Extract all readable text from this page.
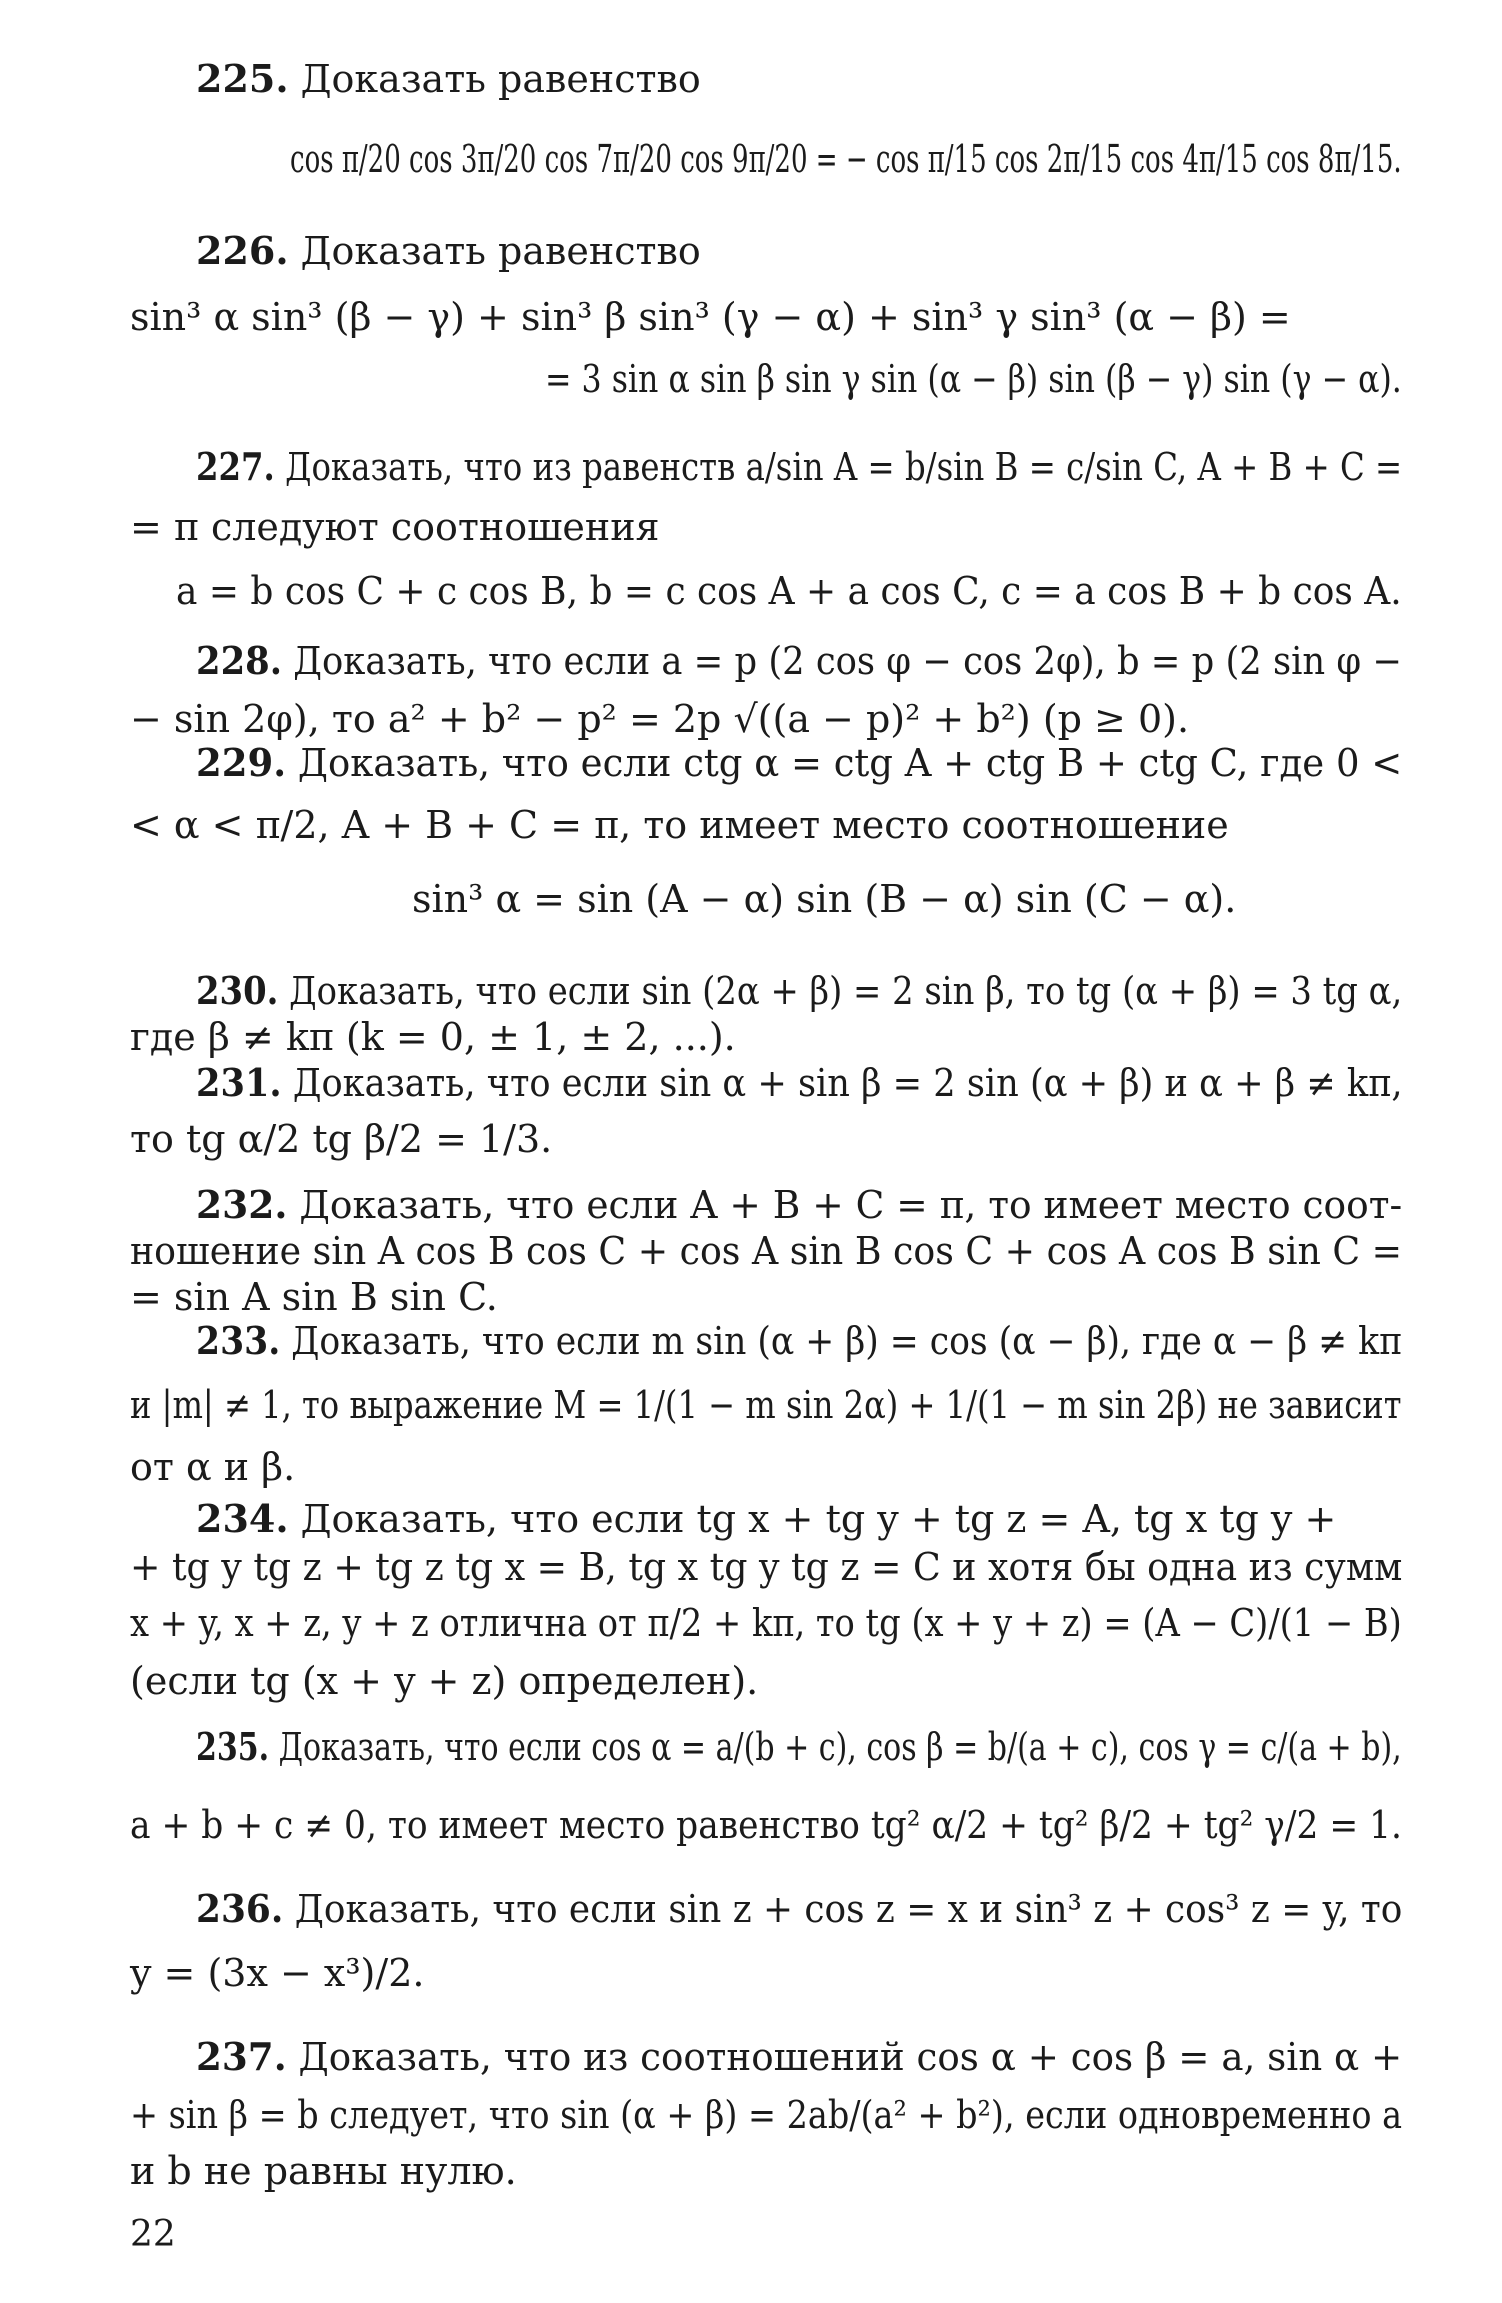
225. Доказать равенство
cos π/20 cos 3π/20 cos 7π/20 cos 9π/20 = − cos π/15 cos 2π/15 cos 4π/15 cos 8π/15.
226. Доказать равенство
sin³ α sin³ (β − γ) + sin³ β sin³ (γ − α) + sin³ γ sin³ (α − β) =
= 3 sin α sin β sin γ sin (α − β) sin (β − γ) sin (γ − α).
227. Доказать, что из равенств a/sin A = b/sin B = c/sin C, A + B + C =
= π следуют соотношения
a = b cos C + c cos B, b = c cos A + a cos C, c = a cos B + b cos A.
228. Доказать, что если a = p (2 cos φ − cos 2φ), b = p (2 sin φ −
− sin 2φ), то a² + b² − p² = 2p √((a − p)² + b²) (p ≥ 0).
229. Доказать, что если ctg α = ctg A + ctg B + ctg C, где 0 <
< α < π/2, A + B + C = π, то имеет место соотношение
sin³ α = sin (A − α) sin (B − α) sin (C − α).
230. Доказать, что если sin (2α + β) = 2 sin β, то tg (α + β) = 3 tg α,
где β ≠ kπ (k = 0, ± 1, ± 2, ...).
231. Доказать, что если sin α + sin β = 2 sin (α + β) и α + β ≠ kπ,
то tg α/2 tg β/2 = 1/3.
232. Доказать, что если A + B + C = π, то имеет место соот-
ношение sin A cos B cos C + cos A sin B cos C + cos A cos B sin C =
= sin A sin B sin C.
233. Доказать, что если m sin (α + β) = cos (α − β), где α − β ≠ kπ
и |m| ≠ 1, то выражение M = 1/(1 − m sin 2α) + 1/(1 − m sin 2β) не зависит
от α и β.
234. Доказать, что если tg x + tg y + tg z = A, tg x tg y +
+ tg y tg z + tg z tg x = B, tg x tg y tg z = C и хотя бы одна из сумм
x + y, x + z, y + z отлична от π/2 + kπ, то tg (x + y + z) = (A − C)/(1 − B)
(если tg (x + y + z) определен).
235. Доказать, что если cos α = a/(b + c), cos β = b/(a + c), cos γ = c/(a + b),
a + b + c ≠ 0, то имеет место равенство tg² α/2 + tg² β/2 + tg² γ/2 = 1.
236. Доказать, что если sin z + cos z = x и sin³ z + cos³ z = y, то
y = (3x − x³)/2.
237. Доказать, что из соотношений cos α + cos β = a, sin α +
+ sin β = b следует, что sin (α + β) = 2ab/(a² + b²), если одновременно a
и b не равны нулю.
22
